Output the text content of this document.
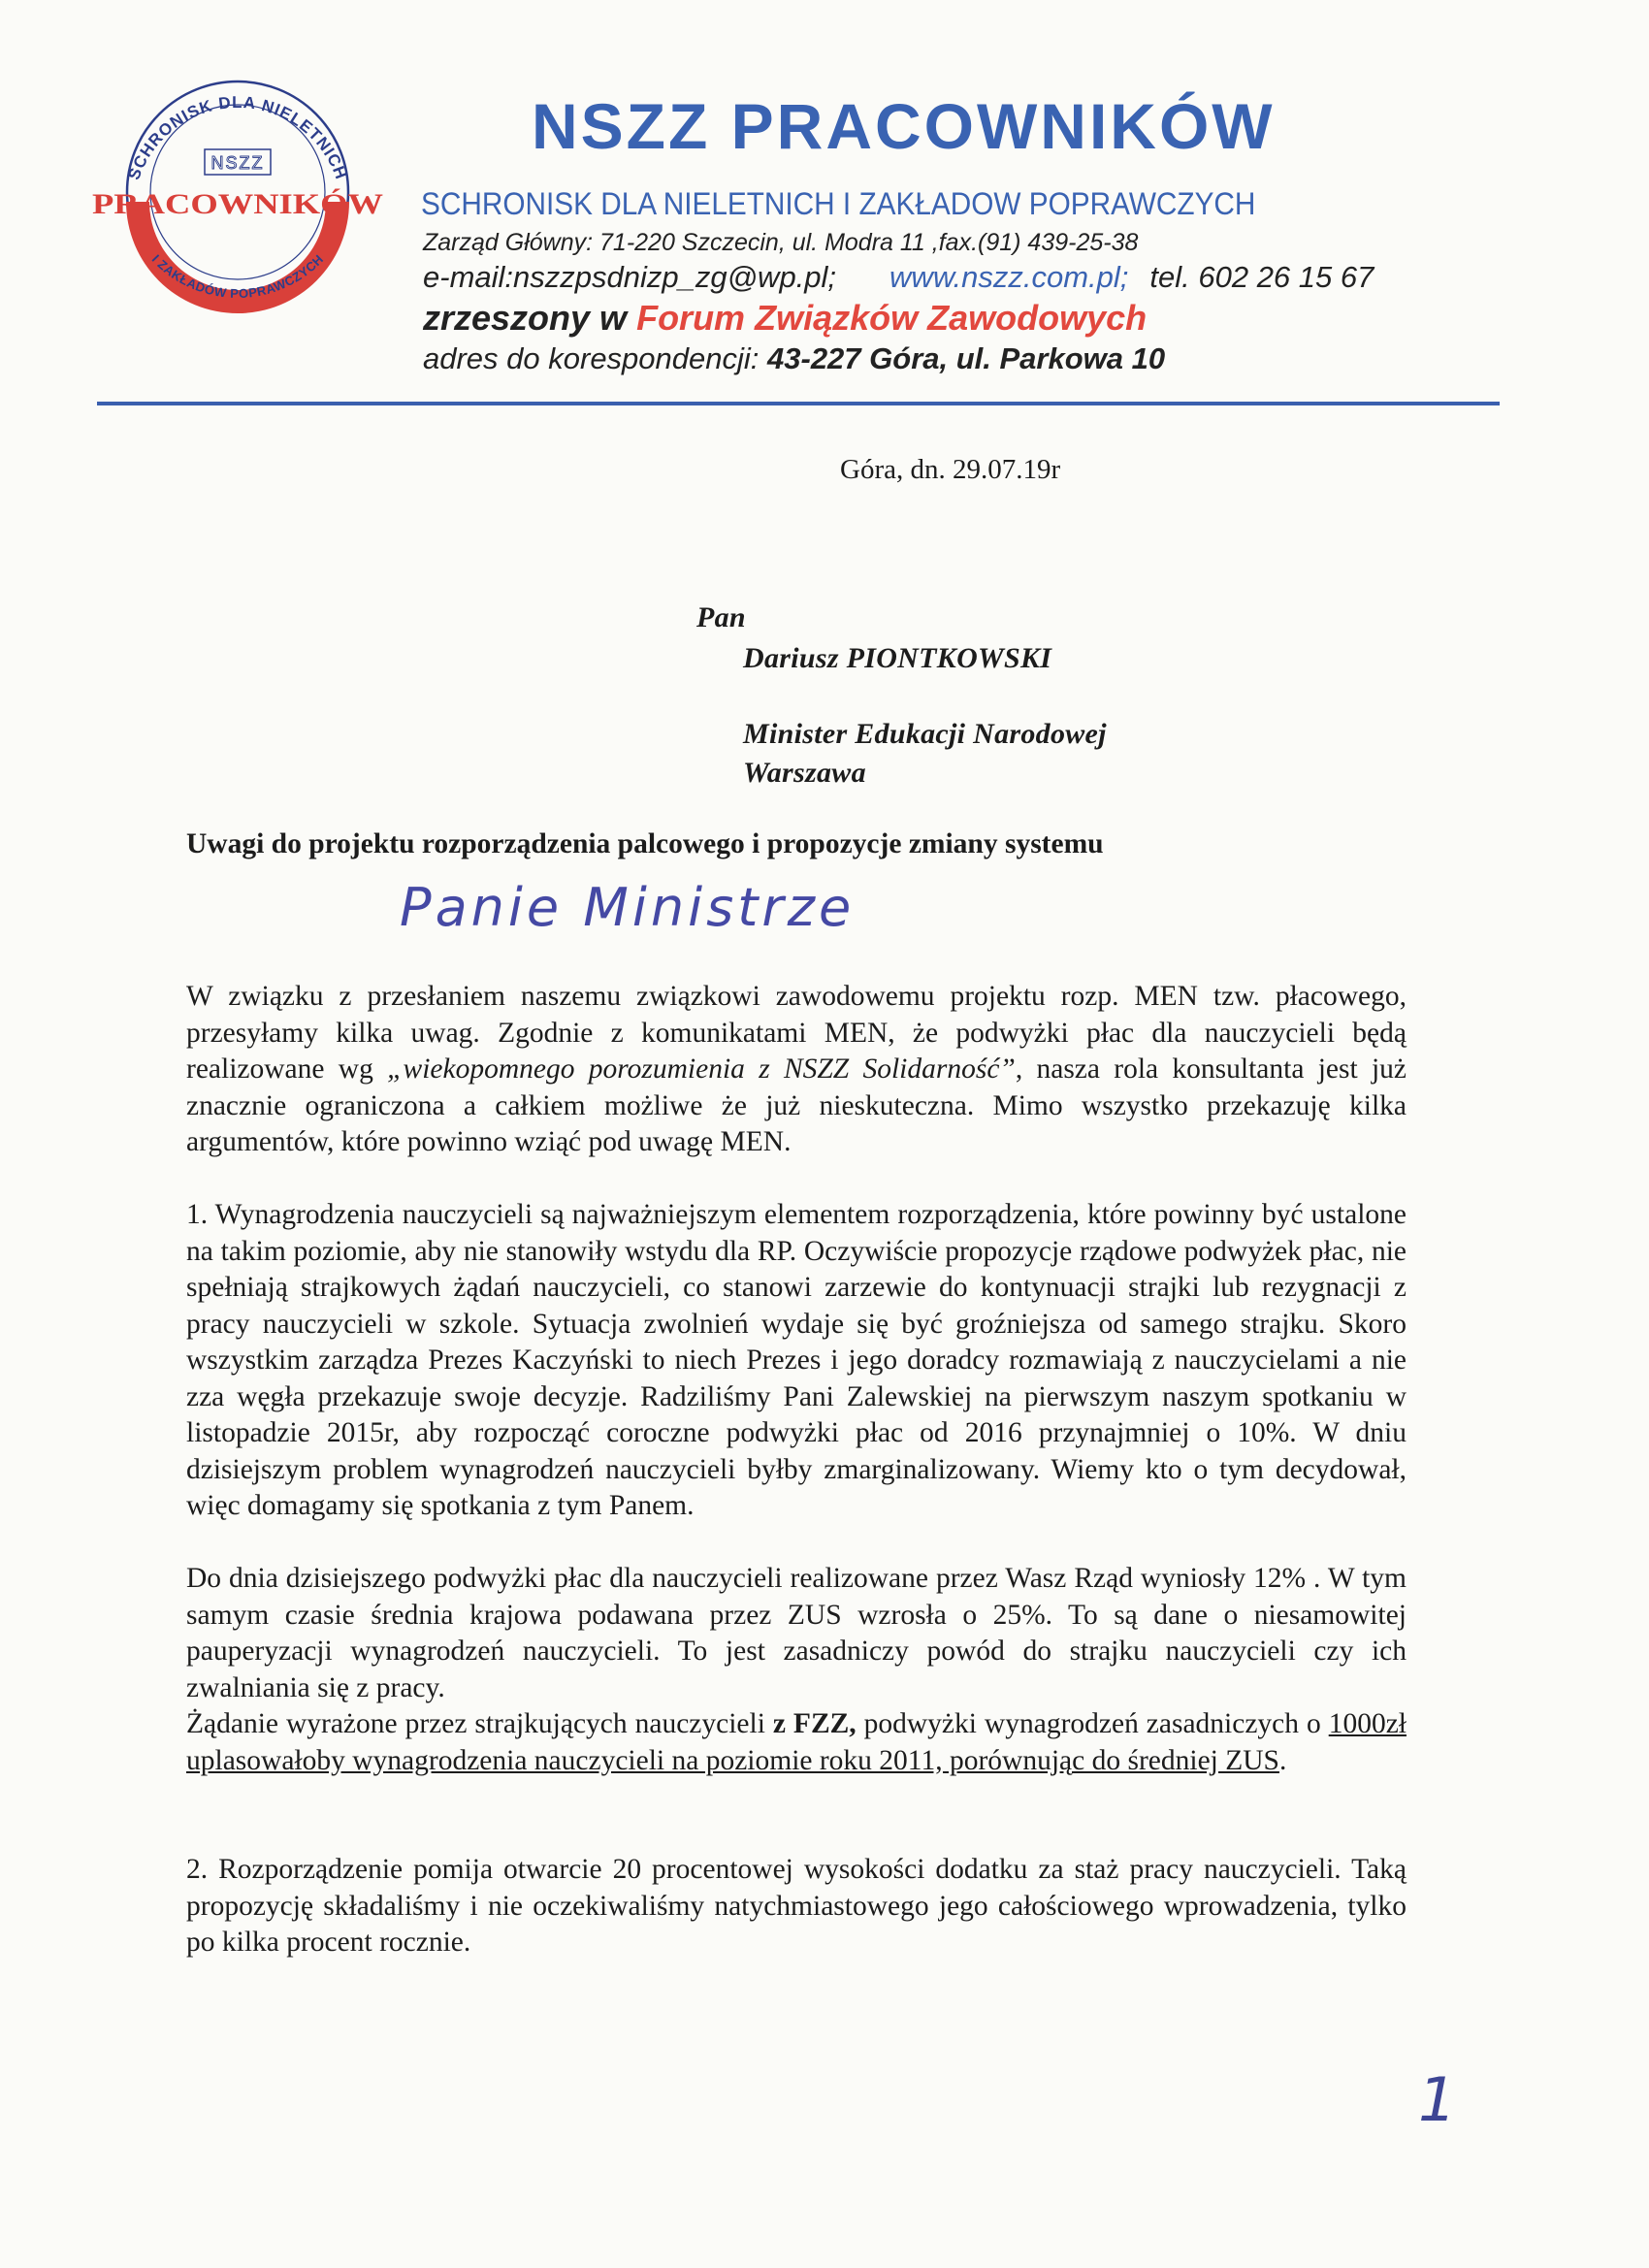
SCHRONISK DLA NIELETNICH
I ZAKŁADÓW POPRAWCZYCH
NSZZ
PRACOWNIKÓW
NSZZ PRACOWNIKÓW
SCHRONISK DLA NIELETNICH I ZAKŁADOW POPRAWCZYCH
Zarząd Główny: 71-220 Szczecin, ul. Modra 11 ,fax.(91) 439-25-38
e-mail:nszzpsdnizp_zg@wp.pl; www.nszz.com.pl; tel. 602 26 15 67
zrzeszony w Forum Związków Zawodowych
adres do korespondencji: 43-227 Góra, ul. Parkowa 10
Góra, dn. 29.07.19r
Pan
Dariusz PIONTKOWSKI
Minister Edukacji Narodowej
Warszawa
Uwagi do projektu rozporządzenia palcowego i propozycje zmiany systemu
Panie Ministrze

W związku z przesłaniem naszemu związkowi zawodowemu projektu rozp. MEN tzw. płacowego, przesyłamy kilka uwag. Zgodnie z komunikatami MEN, że podwyżki płac dla nauczycieli będą realizowane wg „wiekopomnego porozumienia z NSZZ Solidarność”, nasza rola konsultanta jest już znacznie ograniczona a całkiem możliwe że już nieskuteczna. Mimo wszystko przekazuję kilka argumentów, które powinno wziąć pod uwagę MEN.

1. Wynagrodzenia nauczycieli są najważniejszym elementem rozporządzenia, które powinny być ustalone na takim poziomie, aby nie stanowiły wstydu dla RP. Oczywiście propozycje rządowe podwyżek płac, nie spełniają strajkowych żądań nauczycieli, co stanowi zarzewie do kontynuacji strajki lub rezygnacji z pracy nauczycieli w szkole. Sytuacja zwolnień wydaje się być groźniejsza od samego strajku. Skoro wszystkim zarządza Prezes Kaczyński to niech Prezes i jego doradcy rozmawiają z nauczycielami a nie zza węgła przekazuje swoje decyzje. Radziliśmy Pani Zalewskiej na pierwszym naszym spotkaniu w listopadzie 2015r, aby rozpocząć coroczne podwyżki płac od 2016 przynajmniej o 10%. W dniu dzisiejszym problem wynagrodzeń nauczycieli byłby zmarginalizowany. Wiemy kto o tym decydował, więc domagamy się spotkania z tym Panem.

Do dnia dzisiejszego podwyżki płac dla nauczycieli realizowane przez Wasz Rząd wyniosły 12% . W tym samym czasie średnia krajowa podawana przez ZUS wzrosła o 25%. To są dane o niesamowitej pauperyzacji wynagrodzeń nauczycieli. To jest zasadniczy powód do strajku nauczycieli czy ich zwalniania się z pracy.

Żądanie wyrażone przez strajkujących nauczycieli z FZZ, podwyżki wynagrodzeń zasadniczych o 1000zł uplasowałoby wynagrodzenia nauczycieli na poziomie roku 2011, porównując do średniej ZUS.

2. Rozporządzenie pomija otwarcie 20 procentowej wysokości dodatku za staż pracy nauczycieli. Taką propozycję składaliśmy i nie oczekiwaliśmy natychmiastowego jego całościowego wprowadzenia, tylko po kilka procent rocznie.

1
